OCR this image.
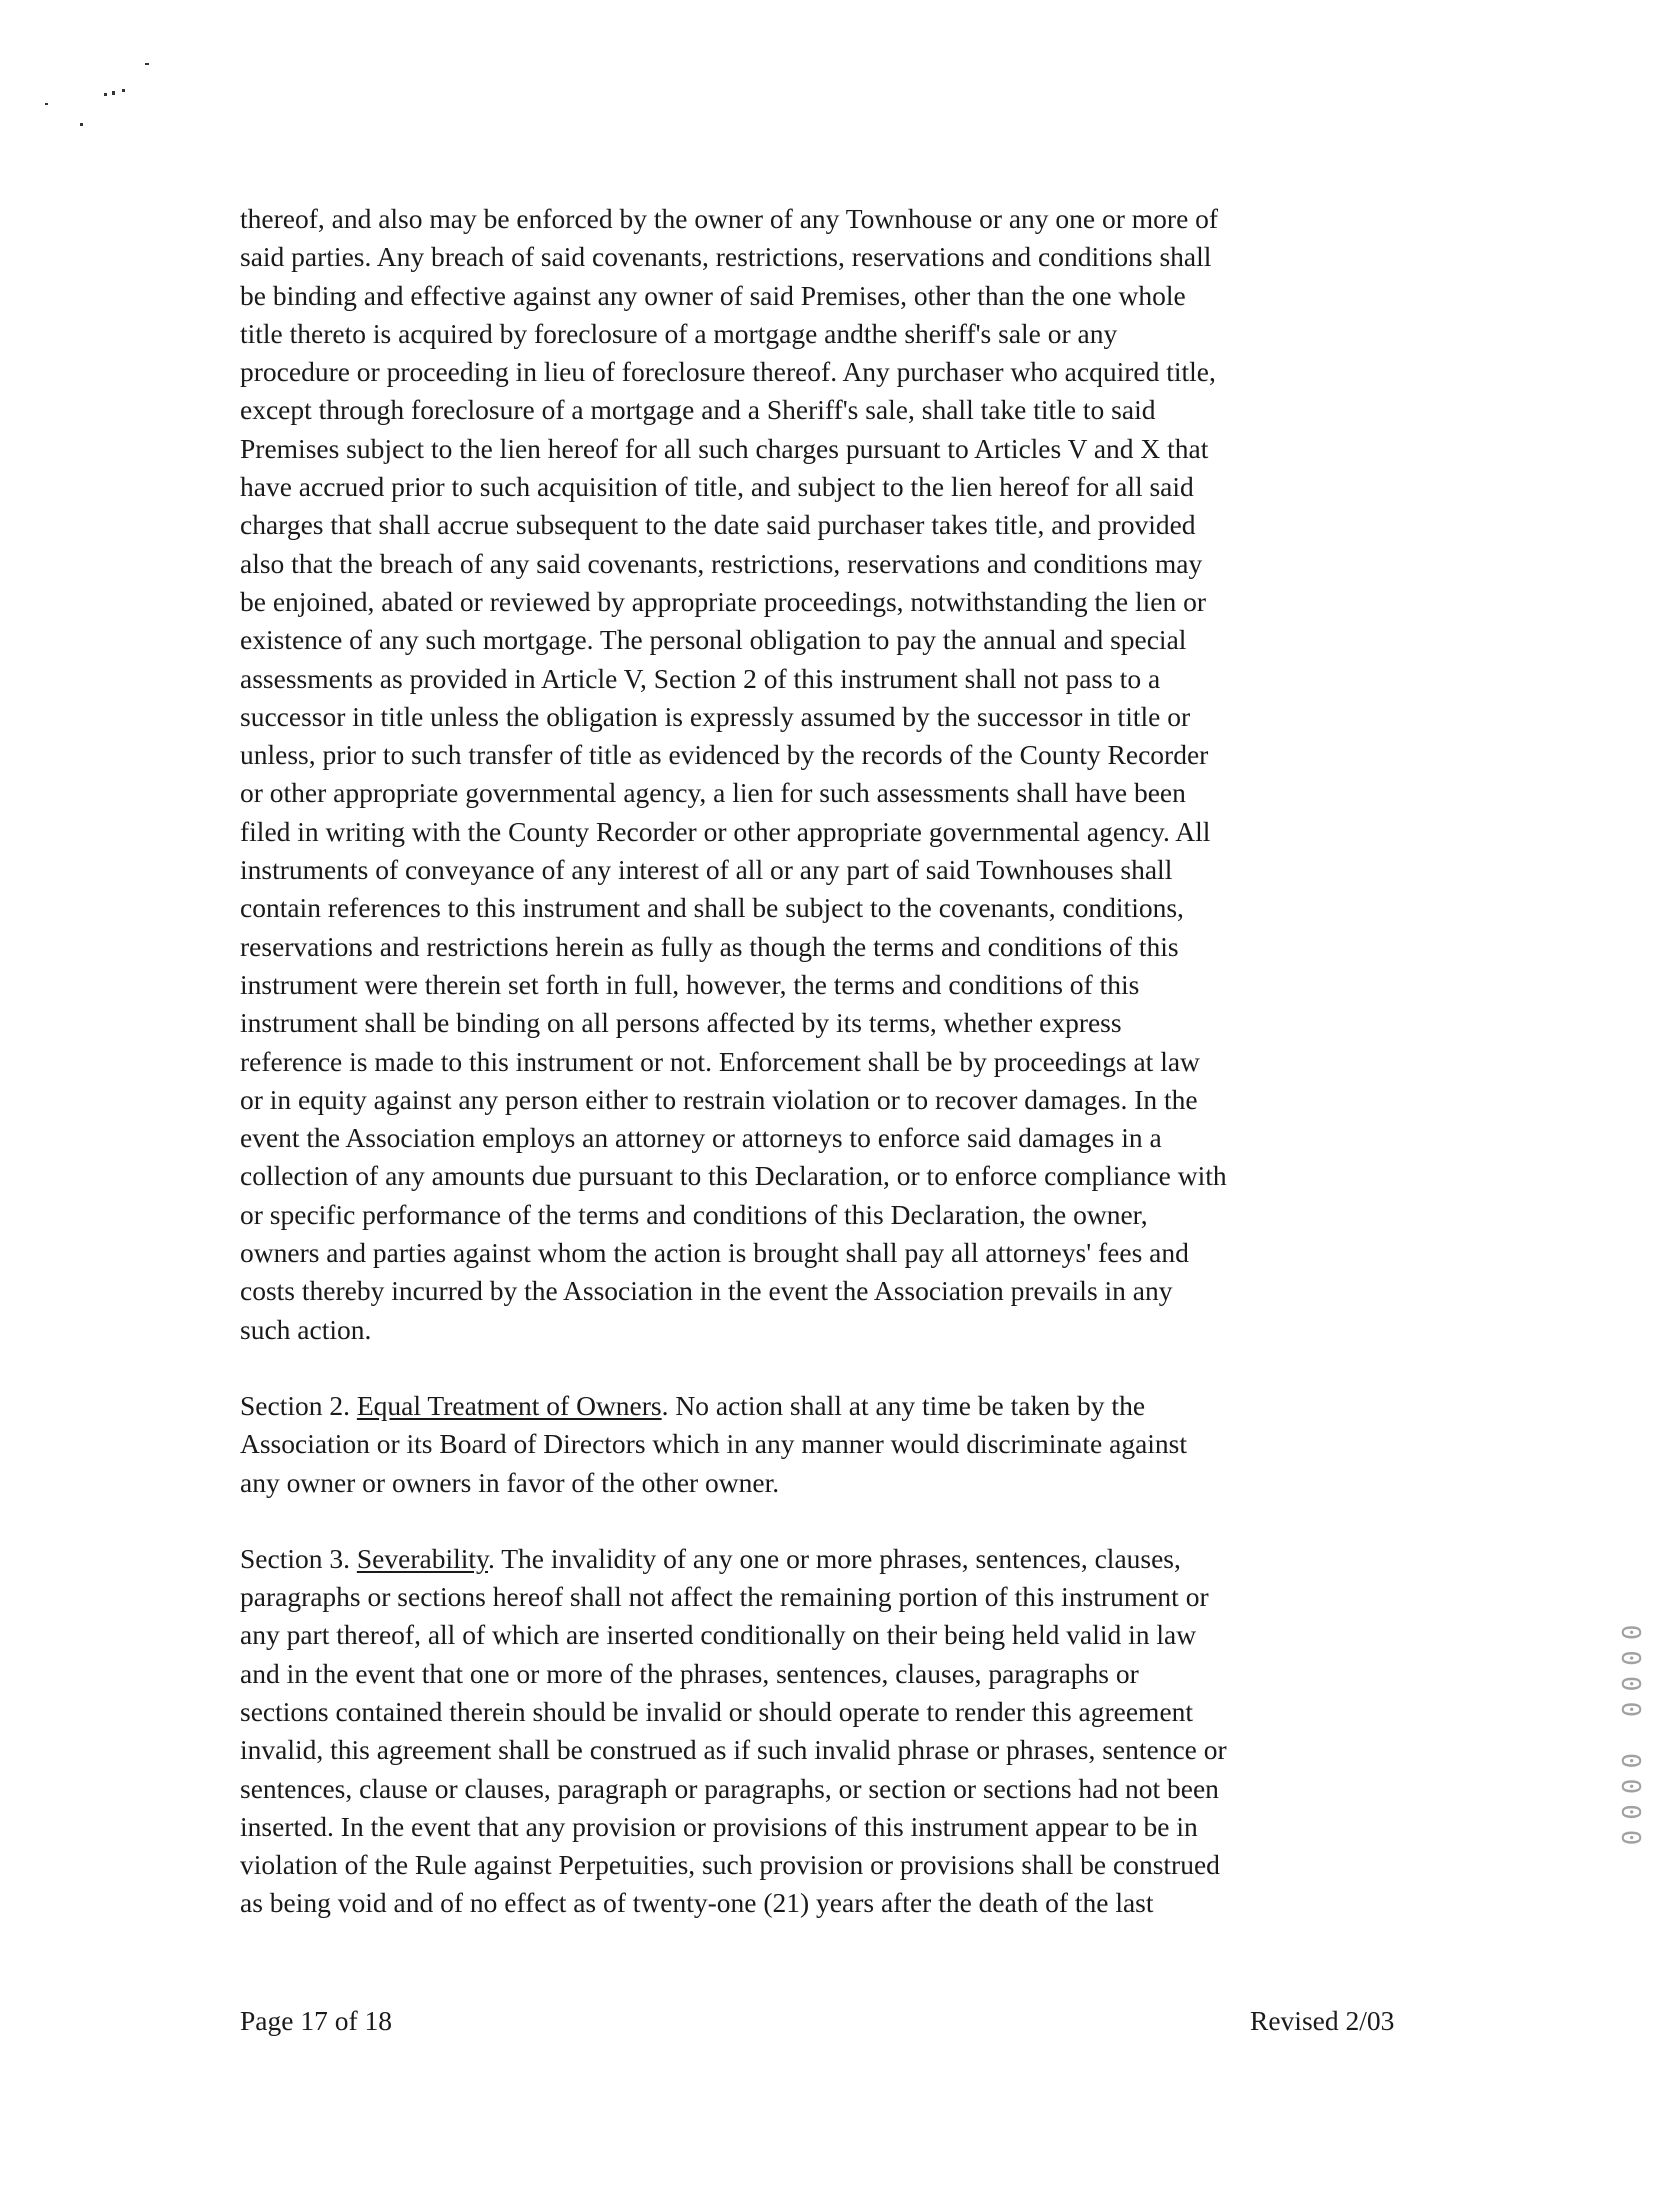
thereof, and also may be enforced by the owner of any Townhouse or any one or more of
said parties. Any breach of said covenants, restrictions, reservations and conditions shall
be binding and effective against any owner of said Premises, other than the one whole
title thereto is acquired by foreclosure of a mortgage andthe sheriff's sale or any
procedure or proceeding in lieu of foreclosure thereof. Any purchaser who acquired title,
except through foreclosure of a mortgage and a Sheriff's sale, shall take title to said
Premises subject to the lien hereof for all such charges pursuant to Articles V and X that
have accrued prior to such acquisition of title, and subject to the lien hereof for all said
charges that shall accrue subsequent to the date said purchaser takes title, and provided
also that the breach of any said covenants, restrictions, reservations and conditions may
be enjoined, abated or reviewed by appropriate proceedings, notwithstanding the lien or
existence of any such mortgage. The personal obligation to pay the annual and special
assessments as provided in Article V, Section 2 of this instrument shall not pass to a
successor in title unless the obligation is expressly assumed by the successor in title or
unless, prior to such transfer of title as evidenced by the records of the County Recorder
or other appropriate governmental agency, a lien for such assessments shall have been
filed in writing with the County Recorder or other appropriate governmental agency. All
instruments of conveyance of any interest of all or any part of said Townhouses shall
contain references to this instrument and shall be subject to the covenants, conditions,
reservations and restrictions herein as fully as though the terms and conditions of this
instrument were therein set forth in full, however, the terms and conditions of this
instrument shall be binding on all persons affected by its terms, whether express
reference is made to this instrument or not. Enforcement shall be by proceedings at law
or in equity against any person either to restrain violation or to recover damages. In the
event the Association employs an attorney or attorneys to enforce said damages in a
collection of any amounts due pursuant to this Declaration, or to enforce compliance with
or specific performance of the terms and conditions of this Declaration, the owner,
owners and parties against whom the action is brought shall pay all attorneys' fees and
costs thereby incurred by the Association in the event the Association prevails in any
such action.
Section 2. Equal Treatment of Owners. No action shall at any time be taken by the
Association or its Board of Directors which in any manner would discriminate against
any owner or owners in favor of the other owner.
Section 3. Severability. The invalidity of any one or more phrases, sentences, clauses,
paragraphs or sections hereof shall not affect the remaining portion of this instrument or
any part thereof, all of which are inserted conditionally on their being held valid in law
and in the event that one or more of the phrases, sentences, clauses, paragraphs or
sections contained therein should be invalid or should operate to render this agreement
invalid, this agreement shall be construed as if such invalid phrase or phrases, sentence or
sentences, clause or clauses, paragraph or paragraphs, or section or sections had not been
inserted. In the event that any provision or provisions of this instrument appear to be in
violation of the Rule against Perpetuities, such provision or provisions shall be construed
as being void and of no effect as of twenty-one (21) years after the death of the last
0000 0000
Page 17 of 18	Revised 2/03
